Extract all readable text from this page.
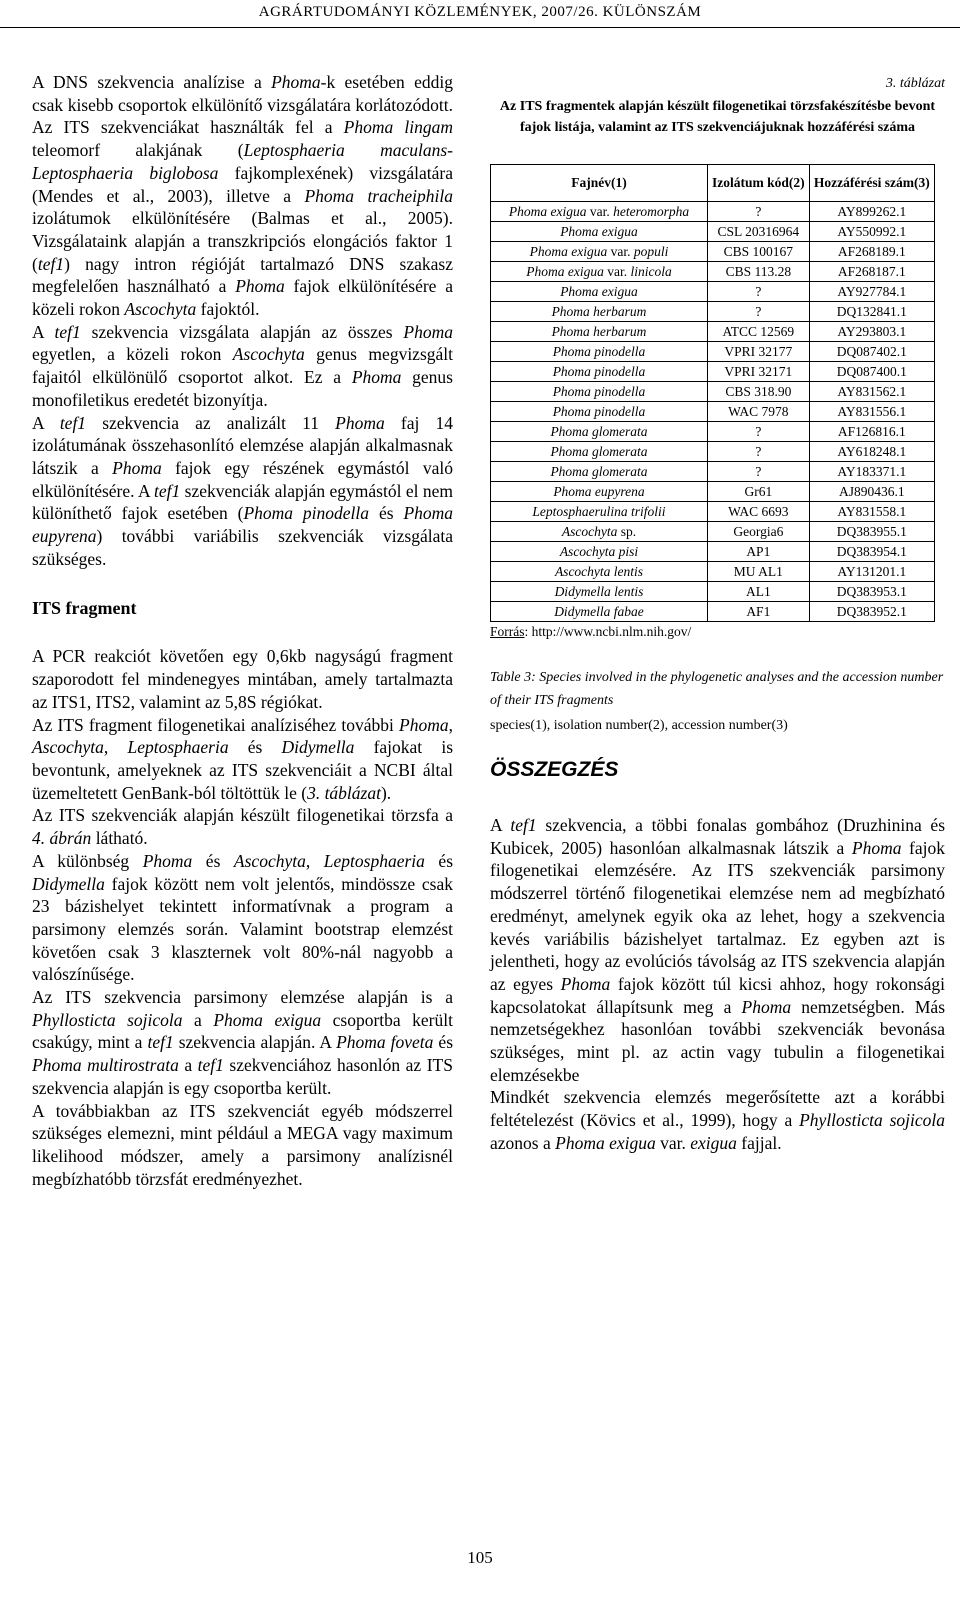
AGRÁRTUDOMÁNYI KÖZLEMÉNYEK, 2007/26. KÜLÖNSZÁM

A DNS szekvencia analízise a Phoma-k esetében eddig csak kisebb csoportok elkülönítő vizsgálatára korlátozódott. Az ITS szekvenciákat használták fel a Phoma lingam teleomorf alakjának (Leptosphaeria maculans-Leptosphaeria biglobosa fajkomplexének) vizsgálatára (Mendes et al., 2003), illetve a Phoma tracheiphila izolátumok elkülönítésére (Balmas et al., 2005). Vizsgálataink alapján a transzkripciós elongációs faktor 1 (tef1) nagy intron régióját tartalmazó DNS szakasz megfelelően használható a Phoma fajok elkülönítésére a közeli rokon Ascochyta fajoktól.

A tef1 szekvencia vizsgálata alapján az összes Phoma egyetlen, a közeli rokon Ascochyta genus megvizsgált fajaitól elkülönülő csoportot alkot. Ez a Phoma genus monofiletikus eredetét bizonyítja.

A tef1 szekvencia az analizált 11 Phoma faj 14 izolátumának összehasonlító elemzése alapján alkalmasnak látszik a Phoma fajok egy részének egymástól való elkülönítésére. A tef1 szekvenciák alapján egymástól el nem különíthető fajok esetében (Phoma pinodella és Phoma eupyrena) további variábilis szekvenciák vizsgálata szükséges.

ITS fragment

A PCR reakciót követően egy 0,6kb nagyságú fragment szaporodott fel mindenegyes mintában, amely tartalmazta az ITS1, ITS2, valamint az 5,8S régiókat.

Az ITS fragment filogenetikai analíziséhez további Phoma, Ascochyta, Leptosphaeria és Didymella fajokat is bevontunk, amelyeknek az ITS szekvenciáit a NCBI által üzemeltetett GenBank-ból töltöttük le (3. táblázat).

Az ITS szekvenciák alapján készült filogenetikai törzsfa a 4. ábrán látható.

A különbség Phoma és Ascochyta, Leptosphaeria és Didymella fajok között nem volt jelentős, mindössze csak 23 bázishelyet tekintett informatívnak a program a parsimony elemzés során. Valamint bootstrap elemzést követően csak 3 klaszternek volt 80%-nál nagyobb a valószínűsége.

Az ITS szekvencia parsimony elemzése alapján is a Phyllosticta sojicola a Phoma exigua csoportba került csakúgy, mint a tef1 szekvencia alapján. A Phoma foveta és Phoma multirostrata a tef1 szekvenciához hasonlón az ITS szekvencia alapján is egy csoportba került.

A továbbiakban az ITS szekvenciát egyéb módszerrel szükséges elemezni, mint például a MEGA vagy maximum likelihood módszer, amely a parsimony analízisnél megbízhatóbb törzsfát eredményezhet.

3. táblázat
Az ITS fragmentek alapján készült filogenetikai törzsfakészítésbe bevont fajok listája, valamint az ITS szekvenciájuknak hozzáférési száma
Fajnév(1)	Izolátum kód(2)	Hozzáférési szám(3)
Phoma exigua var. heteromorpha	?	AY899262.1
Phoma exigua	CSL 20316964	AY550992.1
Phoma exigua var. populi	CBS 100167	AF268189.1
Phoma exigua var. linicola	CBS 113.28	AF268187.1
Phoma exigua	?	AY927784.1
Phoma herbarum	?	DQ132841.1
Phoma herbarum	ATCC 12569	AY293803.1
Phoma pinodella	VPRI 32177	DQ087402.1
Phoma pinodella	VPRI 32171	DQ087400.1
Phoma pinodella	CBS 318.90	AY831562.1
Phoma pinodella	WAC 7978	AY831556.1
Phoma glomerata	?	AF126816.1
Phoma glomerata	?	AY618248.1
Phoma glomerata	?	AY183371.1
Phoma eupyrena	Gr61	AJ890436.1
Leptosphaerulina trifolii	WAC 6693	AY831558.1
Ascochyta sp.	Georgia6	DQ383955.1
Ascochyta pisi	AP1	DQ383954.1
Ascochyta lentis	MU AL1	AY131201.1
Didymella lentis	AL1	DQ383953.1
Didymella fabae	AF1	DQ383952.1
Forrás: http://www.ncbi.nlm.nih.gov/
Table 3: Species involved in the phylogenetic analyses and the accession number of their ITS fragments
species(1), isolation number(2), accession number(3)
ÖSSZEGZÉS

A tef1 szekvencia, a többi fonalas gombához (Druzhinina és Kubicek, 2005) hasonlóan alkalmasnak látszik a Phoma fajok filogenetikai elemzésére. Az ITS szekvenciák parsimony módszerrel történő filogenetikai elemzése nem ad megbízható eredményt, amelynek egyik oka az lehet, hogy a szekvencia kevés variábilis bázishelyet tartalmaz. Ez egyben azt is jelentheti, hogy az evolúciós távolság az ITS szekvencia alapján az egyes Phoma fajok között túl kicsi ahhoz, hogy rokonsági kapcsolatokat állapítsunk meg a Phoma nemzetségben. Más nemzetségekhez hasonlóan további szekvenciák bevonása szükséges, mint pl. az actin vagy tubulin a filogenetikai elemzésekbe

Mindkét szekvencia elemzés megerősítette azt a korábbi feltételezést (Kövics et al., 1999), hogy a Phyllosticta sojicola azonos a Phoma exigua var. exigua fajjal.

105
